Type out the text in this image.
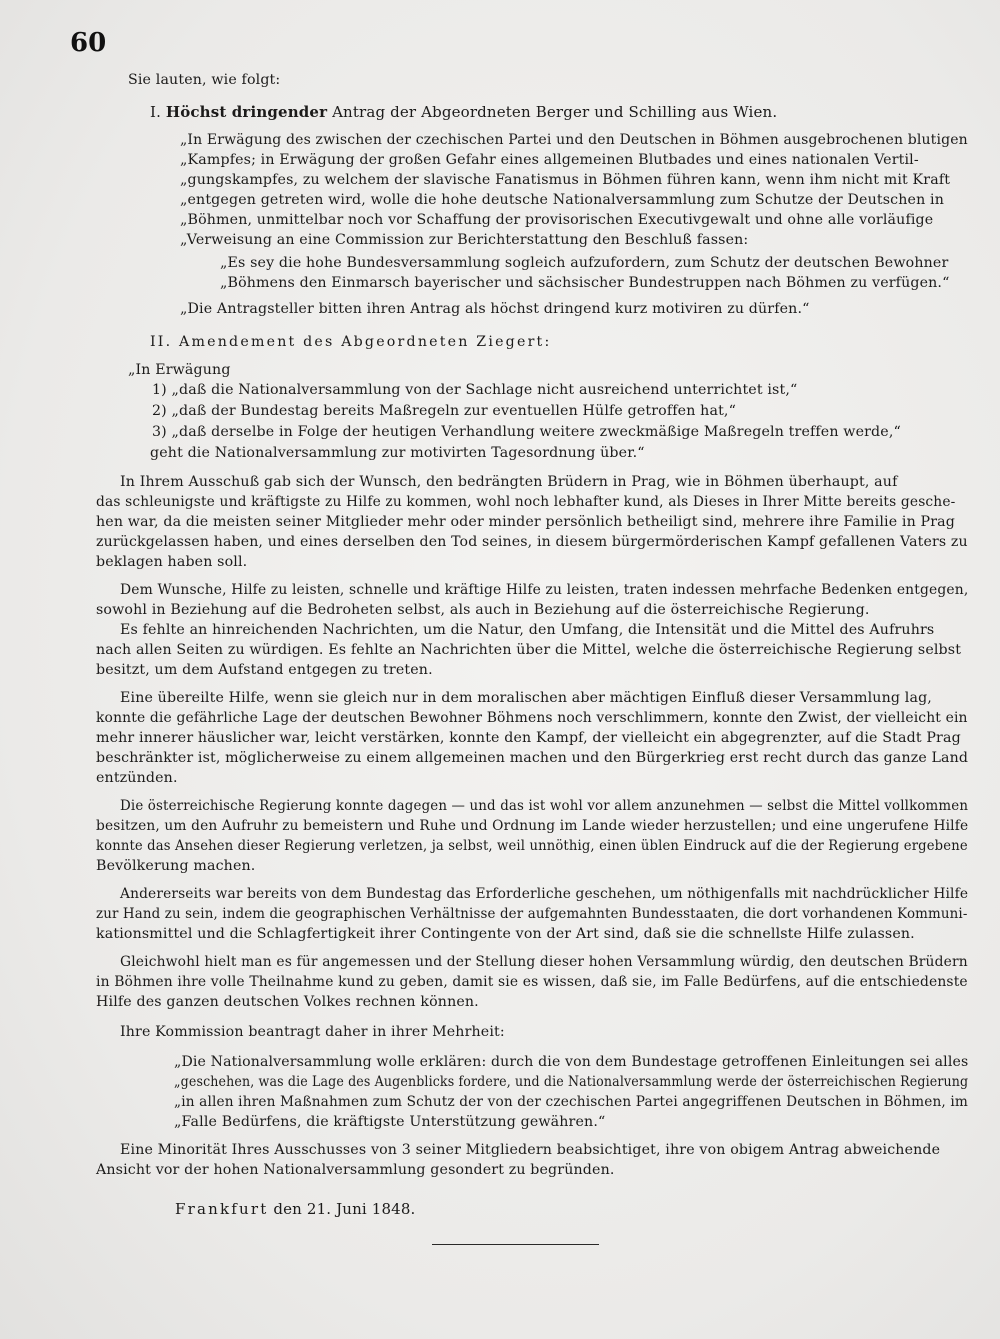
60
Sie lauten, wie folgt:
I. Höchst dringender Antrag der Abgeordneten Berger und Schilling aus Wien.
„In Erwägung des zwischen der czechischen Partei und den Deutschen in Böhmen ausgebrochenen blutigen
„Kampfes; in Erwägung der großen Gefahr eines allgemeinen Blutbades und eines nationalen Vertil-
„gungskampfes, zu welchem der slavische Fanatismus in Böhmen führen kann, wenn ihm nicht mit Kraft
„entgegen getreten wird, wolle die hohe deutsche Nationalversammlung zum Schutze der Deutschen in
„Böhmen, unmittelbar noch vor Schaffung der provisorischen Executivgewalt und ohne alle vorläufige
„Verweisung an eine Commission zur Berichterstattung den Beschluß fassen:
„Es sey die hohe Bundesversammlung sogleich aufzufordern, zum Schutz der deutschen Bewohner
„Böhmens den Einmarsch bayerischer und sächsischer Bundestruppen nach Böhmen zu verfügen.“
„Die Antragsteller bitten ihren Antrag als höchst dringend kurz motiviren zu dürfen.“
II. Amendement des Abgeordneten Ziegert:
„In Erwägung
1) „daß die Nationalversammlung von der Sachlage nicht ausreichend unterrichtet ist,“
2) „daß der Bundestag bereits Maßregeln zur eventuellen Hülfe getroffen hat,“
3) „daß derselbe in Folge der heutigen Verhandlung weitere zweckmäßige Maßregeln treffen werde,“
geht die Nationalversammlung zur motivirten Tagesordnung über.“
In Ihrem Ausschuß gab sich der Wunsch, den bedrängten Brüdern in Prag, wie in Böhmen überhaupt, auf
das schleunigste und kräftigste zu Hilfe zu kommen, wohl noch lebhafter kund, als Dieses in Ihrer Mitte bereits gesche-
hen war, da die meisten seiner Mitglieder mehr oder minder persönlich betheiligt sind, mehrere ihre Familie in Prag
zurückgelassen haben, und eines derselben den Tod seines, in diesem bürgermörderischen Kampf gefallenen Vaters zu
beklagen haben soll.
Dem Wunsche, Hilfe zu leisten, schnelle und kräftige Hilfe zu leisten, traten indessen mehrfache Bedenken entgegen,
sowohl in Beziehung auf die Bedroheten selbst, als auch in Beziehung auf die österreichische Regierung.
Es fehlte an hinreichenden Nachrichten, um die Natur, den Umfang, die Intensität und die Mittel des Aufruhrs
nach allen Seiten zu würdigen. Es fehlte an Nachrichten über die Mittel, welche die österreichische Regierung selbst
besitzt, um dem Aufstand entgegen zu treten.
Eine übereilte Hilfe, wenn sie gleich nur in dem moralischen aber mächtigen Einfluß dieser Versammlung lag,
konnte die gefährliche Lage der deutschen Bewohner Böhmens noch verschlimmern, konnte den Zwist, der vielleicht ein
mehr innerer häuslicher war, leicht verstärken, konnte den Kampf, der vielleicht ein abgegrenzter, auf die Stadt Prag
beschränkter ist, möglicherweise zu einem allgemeinen machen und den Bürgerkrieg erst recht durch das ganze Land
entzünden.
Die österreichische Regierung konnte dagegen — und das ist wohl vor allem anzunehmen — selbst die Mittel vollkommen
besitzen, um den Aufruhr zu bemeistern und Ruhe und Ordnung im Lande wieder herzustellen; und eine ungerufene Hilfe
konnte das Ansehen dieser Regierung verletzen, ja selbst, weil unnöthig, einen üblen Eindruck auf die der Regierung ergebene
Bevölkerung machen.
Andererseits war bereits von dem Bundestag das Erforderliche geschehen, um nöthigenfalls mit nachdrücklicher Hilfe
zur Hand zu sein, indem die geographischen Verhältnisse der aufgemahnten Bundesstaaten, die dort vorhandenen Kommuni-
kationsmittel und die Schlagfertigkeit ihrer Contingente von der Art sind, daß sie die schnellste Hilfe zulassen.
Gleichwohl hielt man es für angemessen und der Stellung dieser hohen Versammlung würdig, den deutschen Brüdern
in Böhmen ihre volle Theilnahme kund zu geben, damit sie es wissen, daß sie, im Falle Bedürfens, auf die entschiedenste
Hilfe des ganzen deutschen Volkes rechnen können.
Ihre Kommission beantragt daher in ihrer Mehrheit:
„Die Nationalversammlung wolle erklären: durch die von dem Bundestage getroffenen Einleitungen sei alles
„geschehen, was die Lage des Augenblicks fordere, und die Nationalversammlung werde der österreichischen Regierung
„in allen ihren Maßnahmen zum Schutz der von der czechischen Partei angegriffenen Deutschen in Böhmen, im
„Falle Bedürfens, die kräftigste Unterstützung gewähren.“
Eine Minorität Ihres Ausschusses von 3 seiner Mitgliedern beabsichtiget, ihre von obigem Antrag abweichende
Ansicht vor der hohen Nationalversammlung gesondert zu begründen.
Frankfurt den 21. Juni 1848.
